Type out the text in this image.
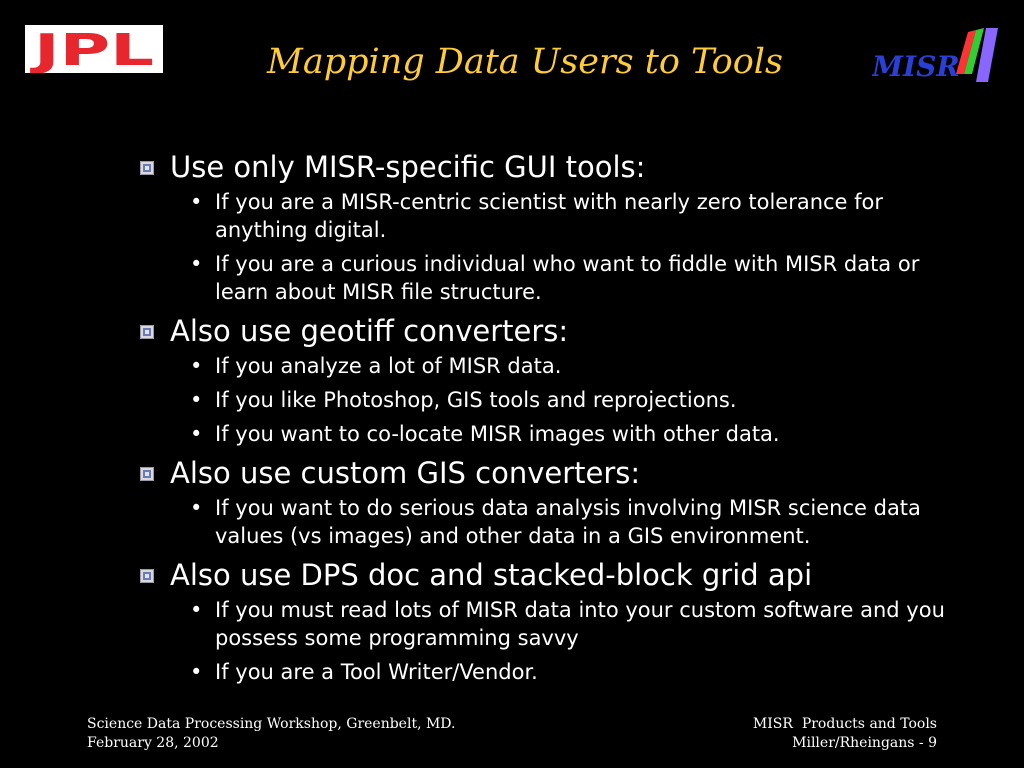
JPL	Mapping Data Users to Tools	MISR

Use only MISR-specific GUI tools:

• If you are a MISR-centric scientist with nearly zero tolerance for anything digital.

• If you are a curious individual who want to fiddle with MISR data or learn about MISR file structure.

Also use geotiff converters:

• If you analyze a lot of MISR data.

• If you like Photoshop, GIS tools and reprojections.

• If you want to co-locate MISR images with other data.

Also use custom GIS converters:

• If you want to do serious data analysis involving MISR science data values (vs images) and other data in a GIS environment.

Also use DPS doc and stacked-block grid api

• If you must read lots of MISR data into your custom software and you possess some programming savvy

• If you are a Tool Writer/Vendor.

Science Data Processing Workshop, Greenbelt, MD.
February 28, 2002
MISR  Products and Tools
Miller/Rheingans - 9
